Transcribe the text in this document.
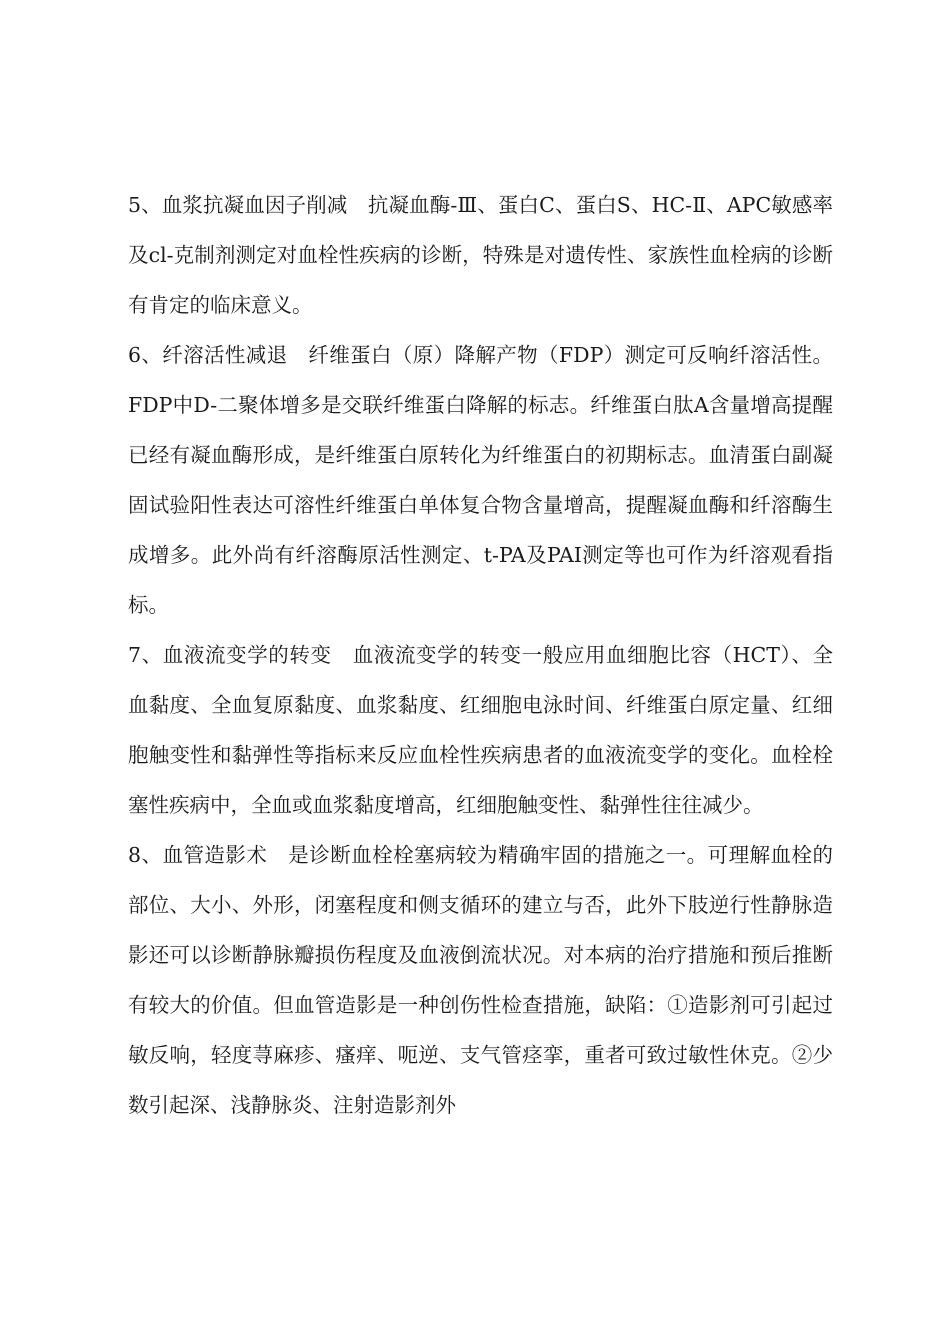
5、血浆抗凝血因子削减　抗凝血酶-Ⅲ、蛋白C、蛋白S、HC-Ⅱ、APC敏感率及cl-克制剂测定对血栓性疾病的诊断，特殊是对遗传性、家族性血栓病的诊断有肯定的临床意义。

6、纤溶活性减退　纤维蛋白（原）降解产物（FDP）测定可反响纤溶活性。FDP中D-二聚体增多是交联纤维蛋白降解的标志。纤维蛋白肽A含量增高提醒已经有凝血酶形成，是纤维蛋白原转化为纤维蛋白的初期标志。血清蛋白副凝固试验阳性表达可溶性纤维蛋白单体复合物含量增高，提醒凝血酶和纤溶酶生成增多。此外尚有纤溶酶原活性测定、t-PA及PAI测定等也可作为纤溶观看指标。

7、血液流变学的转变　血液流变学的转变一般应用血细胞比容（HCT）、全血黏度、全血复原黏度、血浆黏度、红细胞电泳时间、纤维蛋白原定量、红细胞触变性和黏弹性等指标来反应血栓性疾病患者的血液流变学的变化。血栓栓塞性疾病中，全血或血浆黏度增高，红细胞触变性、黏弹性往往减少。

8、血管造影术　是诊断血栓栓塞病较为精确牢固的措施之一。可理解血栓的部位、大小、外形，闭塞程度和侧支循环的建立与否，此外下肢逆行性静脉造影还可以诊断静脉瓣损伤程度及血液倒流状况。对本病的治疗措施和预后推断有较大的价值。但血管造影是一种创伤性检查措施，缺陷：①造影剂可引起过敏反响，轻度荨麻疹、瘙痒、呃逆、支气管痉挛，重者可致过敏性休克。②少数引起深、浅静脉炎、注射造影剂外
